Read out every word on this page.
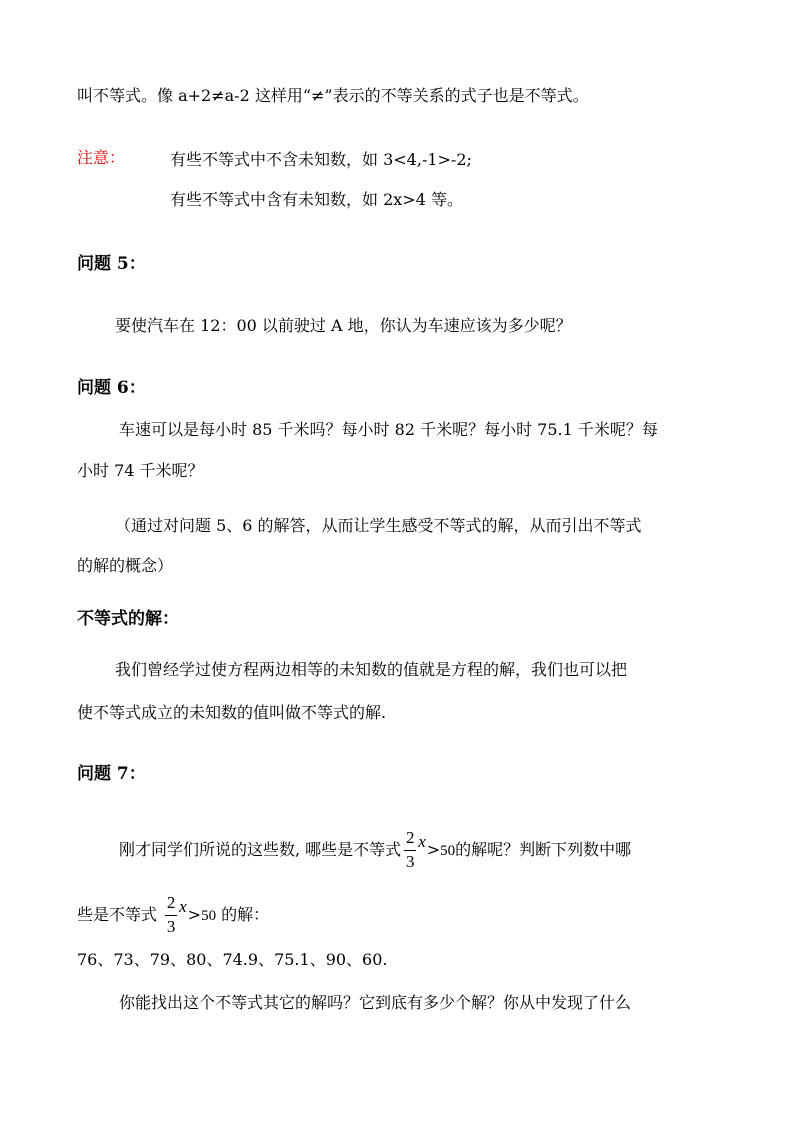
叫不等式。像 a+2≠a-2 这样用“≠”表示的不等关系的式子也是不等式。
注意：	有些不等式中不含未知数，如 3<4,-1>-2;
有些不等式中含有未知数，如 2x>4 等。
问题 5：
要使汽车在 12：00 以前驶过 A 地，你认为车速应该为多少呢？
问题 6：
车速可以是每小时 85 千米吗？每小时 82 千米呢？每小时 75.1 千米呢？每
小时 74 千米呢？
（通过对问题 5、6 的解答，从而让学生感受不等式的解，从而引出不等式
的解的概念）
不等式的解：
我们曾经学过使方程两边相等的未知数的值就是方程的解，我们也可以把
使不等式成立的未知数的值叫做不等式的解.
问题 7：
刚才同学们所说的这些数, 哪些是不等式 $\frac{2}{3} x>50$的解呢？判断下列数中哪
些是不等式 $\frac{2}{3} x>50$ 的解：
76、73、79、80、74.9、75.1、90、60.
你能找出这个不等式其它的解吗？它到底有多少个解？你从中发现了什么
